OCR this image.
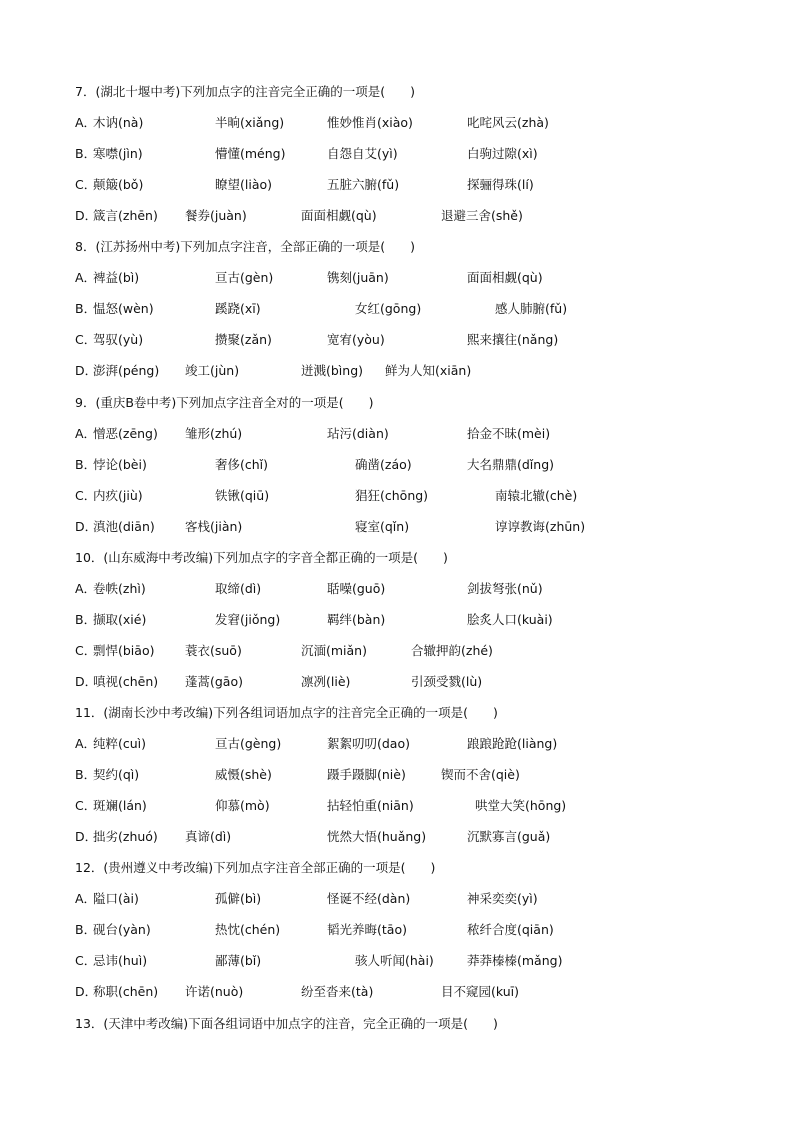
7．(湖北十堰中考)下列加点字的注音完全正确的一项是(　　)
A．
木讷(nà)	半晌(xiǎng)	惟妙惟肖(xiào)	叱咤风云(zhà)
B．
寒噤(jìn)	懵懂(méng)	自怨自艾(yì)	白驹过隙(xì)
C．
颠簸(bǒ)	瞭望(liào)	五脏六腑(fǔ)	探骊得珠(lí)
D．
箴言(zhēn) 餐券(juàn)	面面相觑(qù)	退避三舍(shě)
8．(江苏扬州中考)下列加点字注音，全部正确的一项是(　　)
A．
裨益(bì)	亘古(gèn)	镌刻(juān)	面面相觑(qù)
B．
愠怒(wèn)	蹊跷(xī)	女红(gōng)	感人肺腑(fǔ)
C．
驾驭(yù)	攒聚(zǎn)	宽宥(yòu)	熙来攘往(nǎng)
D．
澎湃(péng) 竣工(jùn)	迸溅(bìng) 鲜为人知(xiān)
9．(重庆B卷中考)下列加点字注音全对的一项是(　　)
A．
憎恶(zēng) 雏形(zhú)	玷污(diàn)	拾金不昧(mèi)
B．
悖论(bèi)	奢侈(chǐ)	确凿(záo)	大名鼎鼎(dǐng)
C．
内疚(jiù)	铁锹(qiū)	猖狂(chōng)	南辕北辙(chè)
D．
滇池(diān) 客栈(jiàn)	寝室(qǐn)	谆谆教诲(zhūn)
10．(山东威海中考改编)下列加点字的字音全都正确的一项是(　　)
A．
卷帙(zhì)	取缔(dì)	聒噪(guō)	剑拔弩张(nǔ)
B．
撷取(xié)	发窘(jiǒng)	羁绊(bàn)	脍炙人口(kuài)
C．
剽悍(biāo) 蓑衣(suō)	沉湎(miǎn)	合辙押韵(zhé)
D．
嗔视(chēn) 蓬蒿(gāo)	凛冽(liè)	引颈受戮(lù)
11．(湖南长沙中考改编)下列各组词语加点字的注音完全正确的一项是(　　)
A．
纯粹(cuì)	亘古(gèng)	絮絮叨叨(dao)	踉踉跄跄(liàng)
B．
契约(qì)	威慑(shè)	蹑手蹑脚(niè)	锲而不舍(qiè)
C．
斑斓(lán)	仰慕(mò)	拈轻怕重(niān)	哄堂大笑(hōng)
D．
拙劣(zhuó) 真谛(dì)	恍然大悟(huǎng)	沉默寡言(guǎ)
12．(贵州遵义中考改编)下列加点字注音全部正确的一项是(　　)
A．
隘口(ài)	孤僻(bì)	怪诞不经(dàn)	神采奕奕(yì)
B．
砚台(yàn)	热忱(chén)	韬光养晦(tāo)	秾纤合度(qiān)
C．
忌讳(huì)	鄙薄(bǐ)	骇人听闻(hài)	莽莽榛榛(mǎng)
D．
称职(chēn) 许诺(nuò)	纷至沓来(tà)	目不窥园(kuī)
13．(天津中考改编)下面各组词语中加点字的注音，完全正确的一项是(　　)
